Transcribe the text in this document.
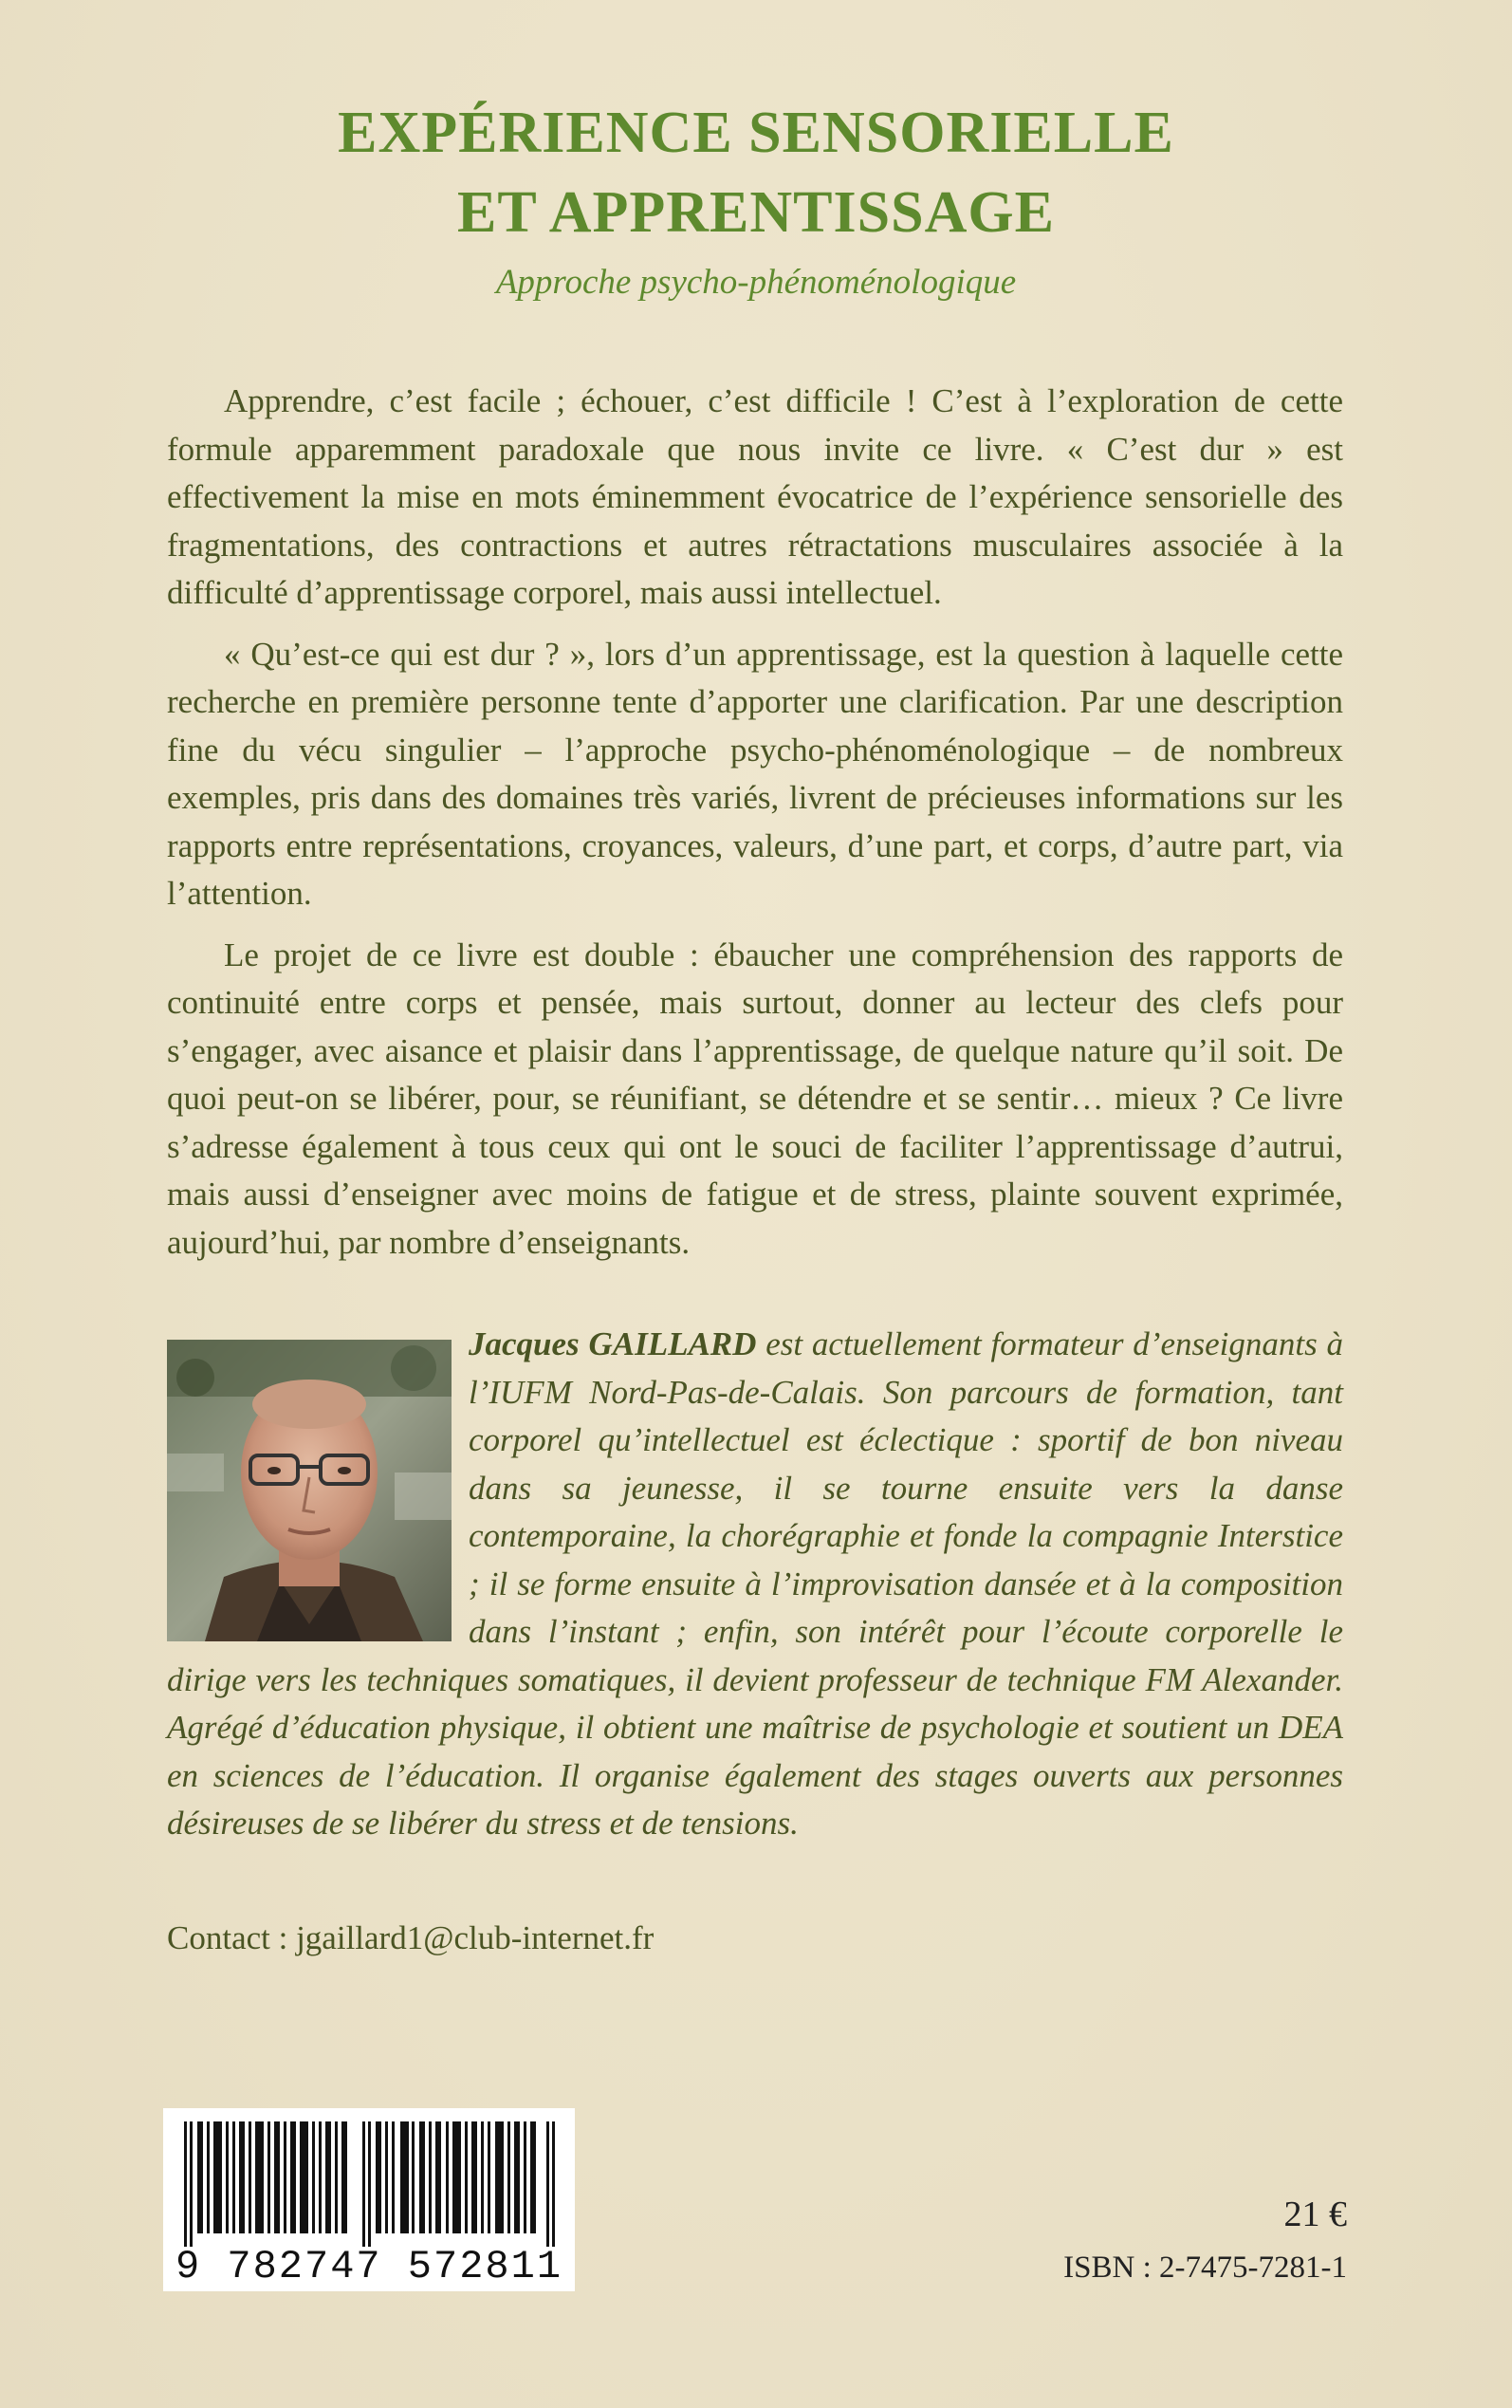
EXPÉRIENCE SENSORIELLE
ET APPRENTISSAGE

Approche psycho-phénoménologique

Apprendre, c’est facile ; échouer, c’est difficile ! C’est à l’exploration de cette formule apparemment paradoxale que nous invite ce livre. « C’est dur » est effectivement la mise en mots éminemment évocatrice de l’expérience sensorielle des fragmentations, des contractions et autres rétractations musculaires associée à la difficulté d’apprentissage corporel, mais aussi intellectuel.

« Qu’est-ce qui est dur ? », lors d’un apprentissage, est la question à laquelle cette recherche en première personne tente d’apporter une clarification. Par une description fine du vécu singulier – l’approche psycho-phénoménologique – de nombreux exemples, pris dans des domaines très variés, livrent de précieuses informations sur les rapports entre représentations, croyances, valeurs, d’une part, et corps, d’autre part, via l’attention.

Le projet de ce livre est double : ébaucher une compréhension des rapports de continuité entre corps et pensée, mais surtout, donner au lecteur des clefs pour s’engager, avec aisance et plaisir dans l’apprentissage, de quelque nature qu’il soit. De quoi peut-on se libérer, pour, se réunifiant, se détendre et se sentir… mieux ? Ce livre s’adresse également à tous ceux qui ont le souci de faciliter l’apprentissage d’autrui, mais aussi d’enseigner avec moins de fatigue et de stress, plainte souvent exprimée, aujourd’hui, par nombre d’enseignants.

Jacques GAILLARD est actuellement formateur d’enseignants à l’IUFM Nord-Pas-de-Calais. Son parcours de formation, tant corporel qu’intellectuel est éclectique : sportif de bon niveau dans sa jeunesse, il se tourne ensuite vers la danse contemporaine, la chorégraphie et fonde la compagnie Interstice ; il se forme ensuite à l’improvisation dansée et à la composition dans l’instant ; enfin, son intérêt pour l’écoute corporelle le dirige vers les techniques somatiques, il devient professeur de technique FM Alexander. Agrégé d’éducation physique, il obtient une maîtrise de psychologie et soutient un DEA en sciences de l’éducation. Il organise également des stages ouverts aux personnes désireuses de se libérer du stress et de tensions.
Contact : jgaillard1@club-internet.fr
9 782747 572811
21 €
ISBN : 2-7475-7281-1
